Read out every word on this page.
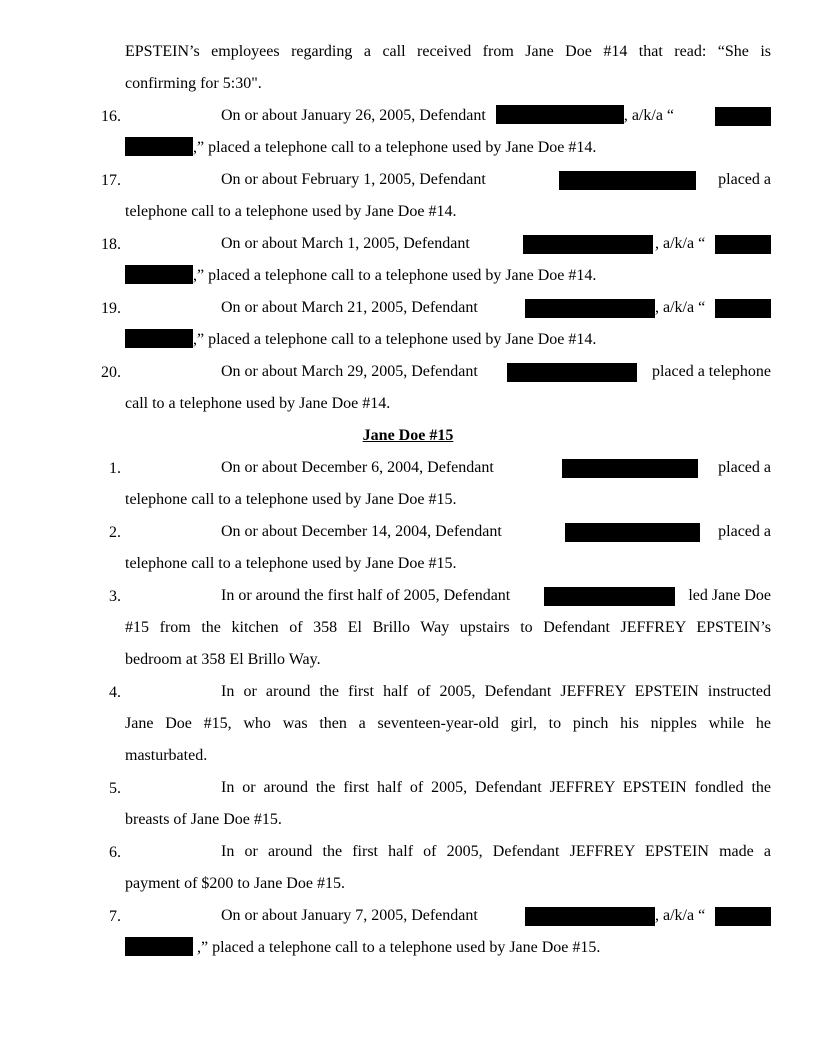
EPSTEIN’s employees regarding a call received from Jane Doe #14 that read: “She is
confirming for 5:30".
16.	On or about January 26, 2005, Defendant	, a/k/a “
,” placed a telephone call to a telephone used by Jane Doe #14.
17.	On or about February 1, 2005, Defendant	placed a
telephone call to a telephone used by Jane Doe #14.
18.	On or about March 1, 2005, Defendant	, a/k/a “
,” placed a telephone call to a telephone used by Jane Doe #14.
19.	On or about March 21, 2005, Defendant	, a/k/a “
,” placed a telephone call to a telephone used by Jane Doe #14.
20.	On or about March 29, 2005, Defendant	placed a telephone
call to a telephone used by Jane Doe #14.
Jane Doe #15
1.	On or about December 6, 2004, Defendant	placed a
telephone call to a telephone used by Jane Doe #15.
2.	On or about December 14, 2004, Defendant	placed a
telephone call to a telephone used by Jane Doe #15.
3.	In or around the first half of 2005, Defendant	led Jane Doe
#15 from the kitchen of 358 El Brillo Way upstairs to Defendant JEFFREY EPSTEIN’s
bedroom at 358 El Brillo Way.
4.	In or around the first half of 2005, Defendant JEFFREY EPSTEIN instructed
Jane Doe #15, who was then a seventeen-year-old girl, to pinch his nipples while he
masturbated.
5.	In or around the first half of 2005, Defendant JEFFREY EPSTEIN fondled the
breasts of Jane Doe #15.
6.	In or around the first half of 2005, Defendant JEFFREY EPSTEIN made a
payment of $200 to Jane Doe #15.
7.	On or about January 7, 2005, Defendant	, a/k/a “
,” placed a telephone call to a telephone used by Jane Doe #15.
